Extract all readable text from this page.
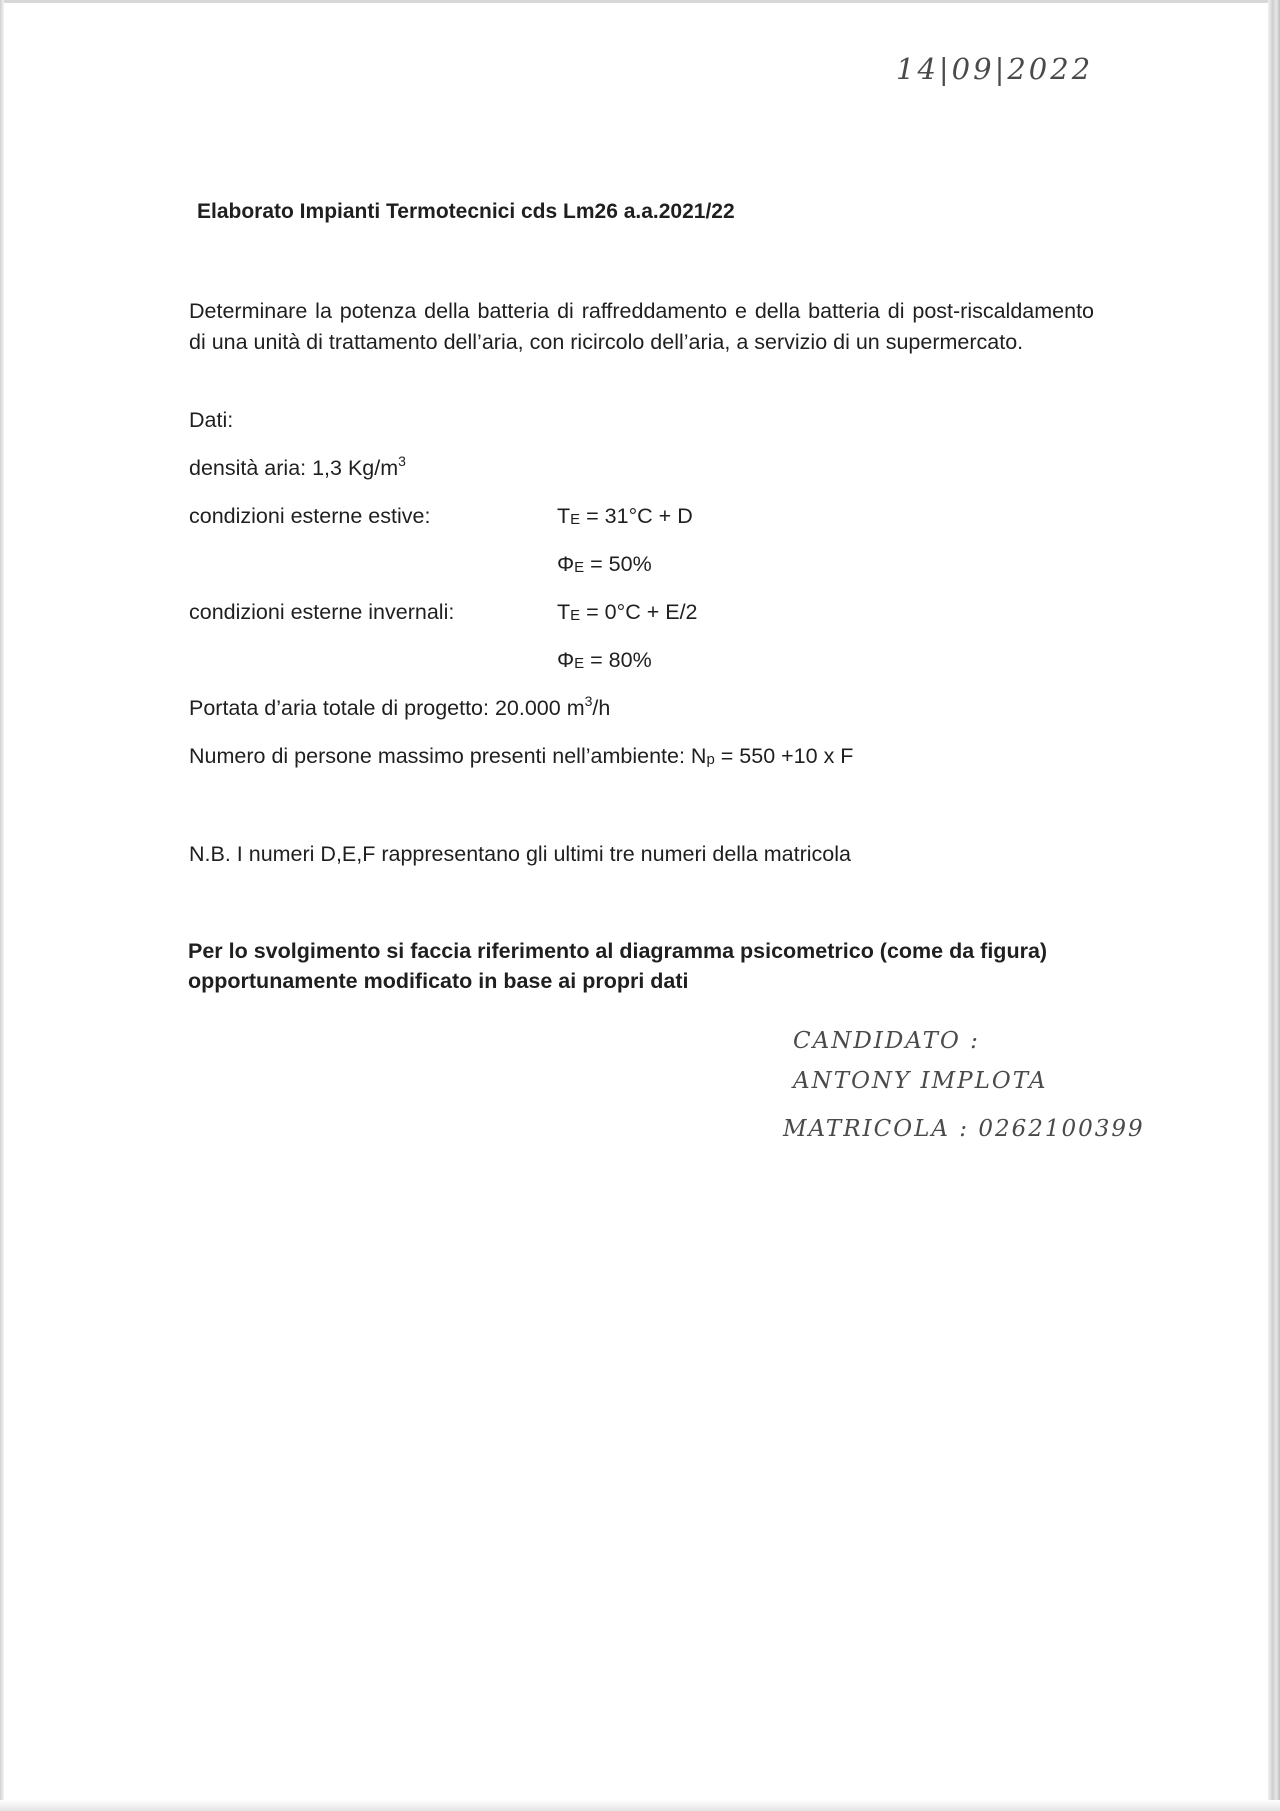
14|09|2022
Elaborato Impianti Termotecnici cds Lm26 a.a.2021/22
Determinare la potenza della batteria di raffreddamento e della batteria di post-riscaldamento di una unità di trattamento dell’aria, con ricircolo dell’aria, a servizio di un supermercato.
Dati:
densità aria: 1,3 $Kg/m^3$
condizioni esterne estive:	TE = 31°C + D
ΦE = 50%
condizioni esterne invernali:	TE = 0°C + E/2
ΦE = 80%
Portata d’aria totale di progetto: 20.000 $m^3/h$
Numero di persone massimo presenti nell’ambiente: Np = 550 +10 x F
N.B. I numeri D,E,F rappresentano gli ultimi tre numeri della matricola
Per lo svolgimento si faccia riferimento al diagramma psicometrico (come da figura) opportunamente modificato in base ai propri dati
CANDIDATO :
ANTONY IMPLOTA
MATRICOLA : 0262100399
